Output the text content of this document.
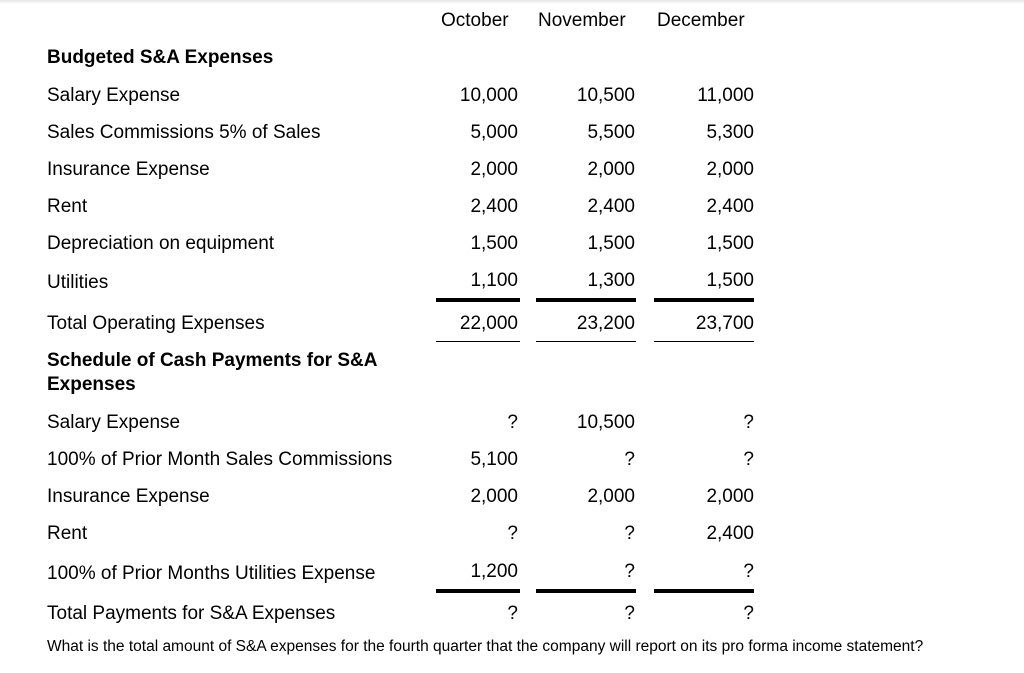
October November December
Budgeted S&A Expenses
Salary Expense	10,000	10,500	11,000
Sales Commissions 5% of Sales	5,000	5,500	5,300
Insurance Expense	2,000	2,000	2,000
Rent	2,400	2,400	2,400
Depreciation on equipment	1,500	1,500	1,500
Utilities	1,100	1,300	1,500
Total Operating Expenses	22,000	23,200	23,700
Schedule of Cash Payments for S&A
Expenses
Salary Expense	?	10,500	?
100% of Prior Month Sales Commissions	5,100	?	?
Insurance Expense	2,000	2,000	2,000
Rent	?	?	2,400
100% of Prior Months Utilities Expense	1,200	?	?
Total Payments for S&A Expenses	?	?	?
What is the total amount of S&A expenses for the fourth quarter that the company will report on its pro forma income statement?
